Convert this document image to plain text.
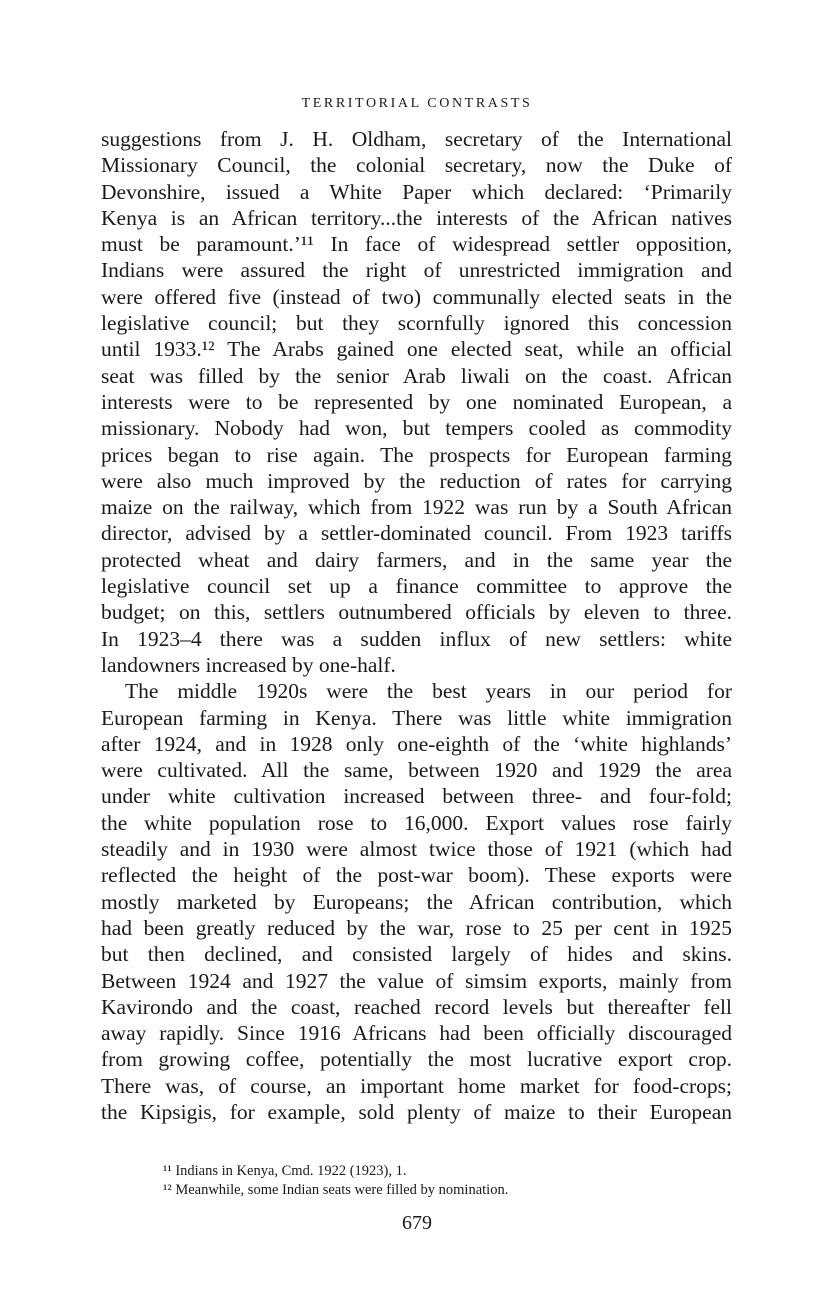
TERRITORIAL CONTRASTS
suggestions from J. H. Oldham, secretary of the International
Missionary Council, the colonial secretary, now the Duke of
Devonshire, issued a White Paper which declared: ‘Primarily
Kenya is an African territory...the interests of the African natives
must be paramount.’¹¹ In face of widespread settler opposition,
Indians were assured the right of unrestricted immigration and
were offered five (instead of two) communally elected seats in the
legislative council; but they scornfully ignored this concession
until 1933.¹² The Arabs gained one elected seat, while an official
seat was filled by the senior Arab liwali on the coast. African
interests were to be represented by one nominated European, a
missionary. Nobody had won, but tempers cooled as commodity
prices began to rise again. The prospects for European farming
were also much improved by the reduction of rates for carrying
maize on the railway, which from 1922 was run by a South African
director, advised by a settler-dominated council. From 1923 tariffs
protected wheat and dairy farmers, and in the same year the
legislative council set up a finance committee to approve the
budget; on this, settlers outnumbered officials by eleven to three.
In 1923–4 there was a sudden influx of new settlers: white
landowners increased by one-half.
The middle 1920s were the best years in our period for
European farming in Kenya. There was little white immigration
after 1924, and in 1928 only one-eighth of the ‘white highlands’
were cultivated. All the same, between 1920 and 1929 the area
under white cultivation increased between three- and four-fold;
the white population rose to 16,000. Export values rose fairly
steadily and in 1930 were almost twice those of 1921 (which had
reflected the height of the post-war boom). These exports were
mostly marketed by Europeans; the African contribution, which
had been greatly reduced by the war, rose to 25 per cent in 1925
but then declined, and consisted largely of hides and skins.
Between 1924 and 1927 the value of simsim exports, mainly from
Kavirondo and the coast, reached record levels but thereafter fell
away rapidly. Since 1916 Africans had been officially discouraged
from growing coffee, potentially the most lucrative export crop.
There was, of course, an important home market for food-crops;
the Kipsigis, for example, sold plenty of maize to their European
¹¹ Indians in Kenya, Cmd. 1922 (1923), 1.
¹² Meanwhile, some Indian seats were filled by nomination.
679
